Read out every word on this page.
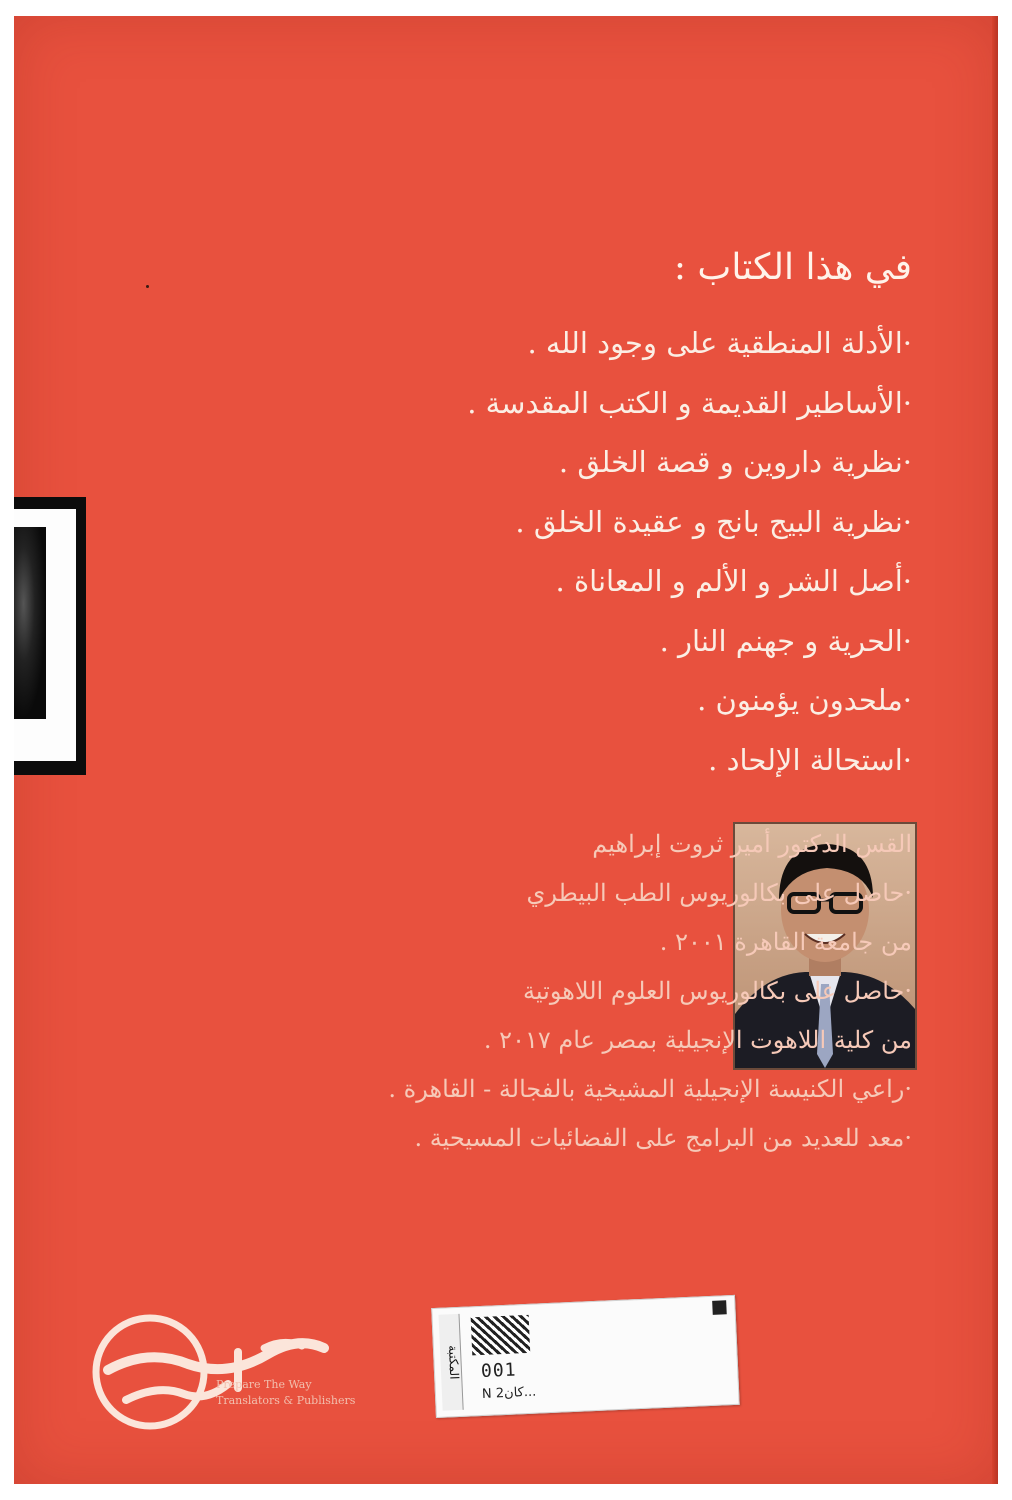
في هذا الكتاب :
·الأدلة المنطقية على وجود الله .
·الأساطير القديمة و الكتب المقدسة .
·نظرية داروين و قصة الخلق .
·نظرية البيج بانج و عقيدة الخلق .
·أصل الشر و الألم و المعاناة .
·الحرية و جهنم النار .
·ملحدون يؤمنون .
·استحالة الإلحاد .

القس الدكتور أمير ثروت إبراهيم

·حاصل على بكالوريوس الطب البيطري

من جامعة القاهرة ٢٠٠١ .

·حاصل على بكالوريوس العلوم اللاهوتية

من كلية اللاهوت الإنجيلية بمصر عام ٢٠١٧ .

·راعي الكنيسة الإنجيلية المشيخية بالفجالة - القاهرة .

·معد للعديد من البرامج على الفضائيات المسيحية .

Prepare The Way
Translators & Publishers
المكتبة 001
N 2كان...
